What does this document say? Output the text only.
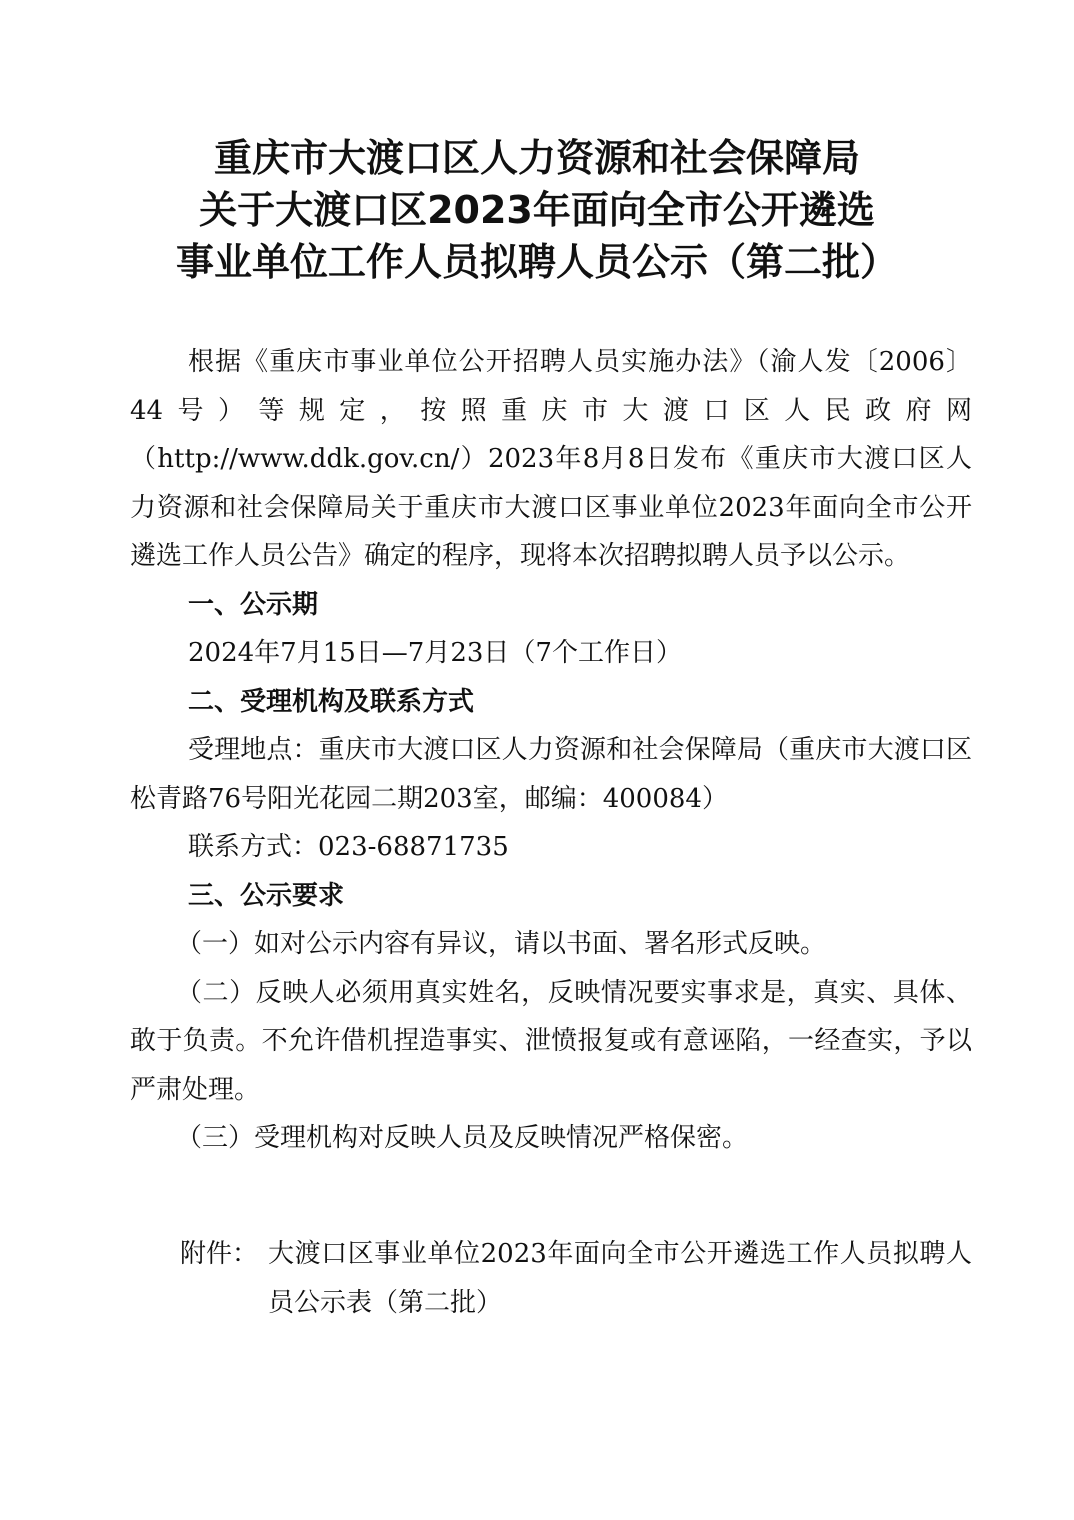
重庆市大渡口区人力资源和社会保障局
关于大渡口区2023年面向全市公开遴选
事业单位工作人员拟聘人员公示（第二批）

根据《重庆市事业单位公开招聘人员实施办法》（渝人发〔2006〕44号）等规定，按照重庆市大渡口区人民政府网（http://www.ddk.gov.cn/）2023年8月8日发布《重庆市大渡口区人力资源和社会保障局关于重庆市大渡口区事业单位2023年面向全市公开遴选工作人员公告》确定的程序，现将本次招聘拟聘人员予以公示。

一、公示期

2024年7月15日—7月23日（7个工作日）

二、受理机构及联系方式

受理地点：重庆市大渡口区人力资源和社会保障局（重庆市大渡口区松青路76号阳光花园二期203室，邮编：400084）

联系方式：023-68871735

三、公示要求

（一）如对公示内容有异议，请以书面、署名形式反映。

（二）反映人必须用真实姓名，反映情况要实事求是，真实、具体、敢于负责。不允许借机捏造事实、泄愤报复或有意诬陷，一经查实，予以严肃处理。

（三）受理机构对反映人员及反映情况严格保密。

附件： 大渡口区事业单位2023年面向全市公开遴选工作人员拟聘人员公示表（第二批）
